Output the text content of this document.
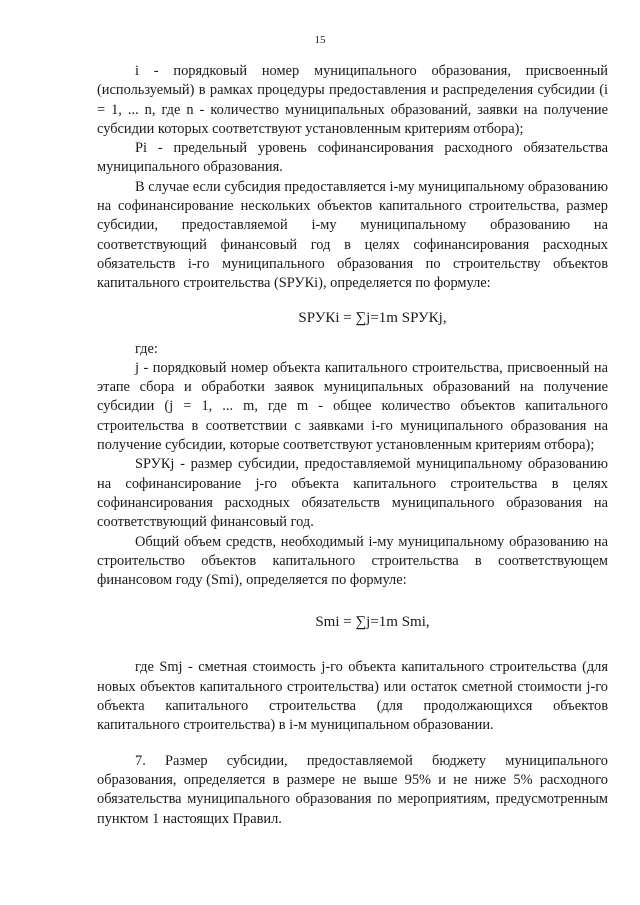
15

i - порядковый номер муниципального образования, присвоенный (используемый) в рамках процедуры предоставления и распределения субсидии (i = 1, ... n, где n - количество муниципальных образований, заявки на получение субсидии которых соответствуют установленным критериям отбора);

Pi - предельный уровень софинансирования расходного обязательства муниципального образования.

В случае если субсидия предоставляется i-му муниципальному образованию на софинансирование нескольких объектов капитального строительства, размер субсидии, предоставляемой i-му муниципальному образованию на соответствующий финансовый год в целях софинансирования расходных обязательств i-го муниципального образования по строительству объектов капитального строительства (SРУКi), определяется по формуле:

SРУКi = ∑j=1m SРУКj,

где:

j - порядковый номер объекта капитального строительства, присвоенный на этапе сбора и обработки заявок муниципальных образований на получение субсидии (j = 1, ... m, где m - общее количество объектов капитального строительства в соответствии с заявками i-го муниципального образования на получение субсидии, которые соответствуют установленным критериям отбора);

SРУКj - размер субсидии, предоставляемой муниципальному образованию на софинансирование j-го объекта капитального строительства в целях софинансирования расходных обязательств муниципального образования на соответствующий финансовый год.

Общий объем средств, необходимый i-му муниципальному образованию на строительство объектов капитального строительства в соответствующем финансовом году (Smi), определяется по формуле:

Smi = ∑j=1m Smi,

где Smj - сметная стоимость j-го объекта капитального строительства (для новых объектов капитального строительства) или остаток сметной стоимости j-го объекта капитального строительства (для продолжающихся объектов капитального строительства) в i-м муниципальном образовании.

7. Размер субсидии, предоставляемой бюджету муниципального образования, определяется в размере не выше 95% и не ниже 5% расходного обязательства муниципального образования по мероприятиям, предусмотренным пунктом 1 настоящих Правил.
